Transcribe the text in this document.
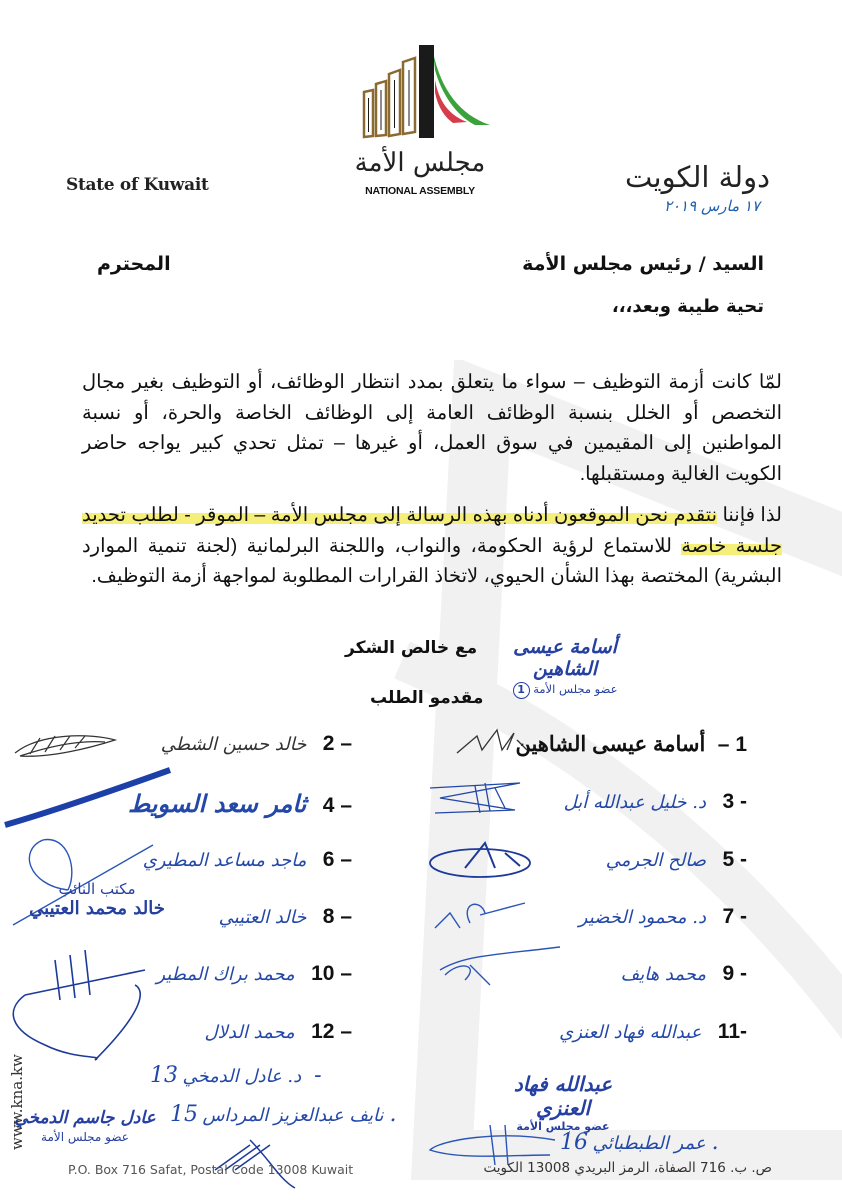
مجلس الأمة
NATIONAL ASSEMBLY
State of Kuwait	دولة الكويت
١٧ مارس ٢٠١٩
السيد / رئيس مجلس الأمة
المحترم
تحية طيبة وبعد،،،

لمّا كانت أزمة التوظيف – سواء ما يتعلق بمدد انتظار الوظائف، أو التوظيف بغير مجال التخصص أو الخلل بنسبة الوظائف العامة إلى الوظائف الخاصة والحرة، أو نسبة المواطنين إلى المقيمين في سوق العمل، أو غيرها – تمثل تحدي كبير يواجه حاضر الكويت الغالية ومستقبلها.

لذا فإننا نتقدم نحن الموقعون أدناه بهذه الرسالة إلى مجلس الأمة – الموقر - لطلب تحديد جلسة خاصة للاستماع لرؤية الحكومة، والنواب، واللجنة البرلمانية (لجنة تنمية الموارد البشرية) المختصة بهذا الشأن الحيوي، لاتخاذ القرارات المطلوبة لمواجهة أزمة التوظيف.

مع خالص الشكر
مقدمو الطلب
أسامة عيسى الشاهين
عضو مجلس الأمة 1
1 – أسامة عيسى الشاهين
– 2 خالد حسين الشطي
- 3 د. خليل عبدالله أبل
– 4 ثامر سعد السويط
- 5 صالح الجرمي
– 6 ماجد مساعد المطيري
- 7 د. محمود الخضير
– 8 خالد العتيبي
مكتب النائب
خالد محمد العتيبي
- 9 محمد هايف
– 10 محمد براك المطير
-11 عبدالله فهاد العنزي
– 12 محمد الدلال
د. عادل الدمخي 13 -
نايف عبدالعزيز المرداس 15.
عادل جاسم الدمخي
عضو مجلس الأمة
عبدالله فهاد العنزي
عضو مجلس الأمة
عمر الطبطبائي 16.
www.kna.kw
P.O. Box 716 Safat, Postal Code 13008 Kuwait	ص. ب. 716 الصفاة، الرمز البريدي 13008 الكويت
